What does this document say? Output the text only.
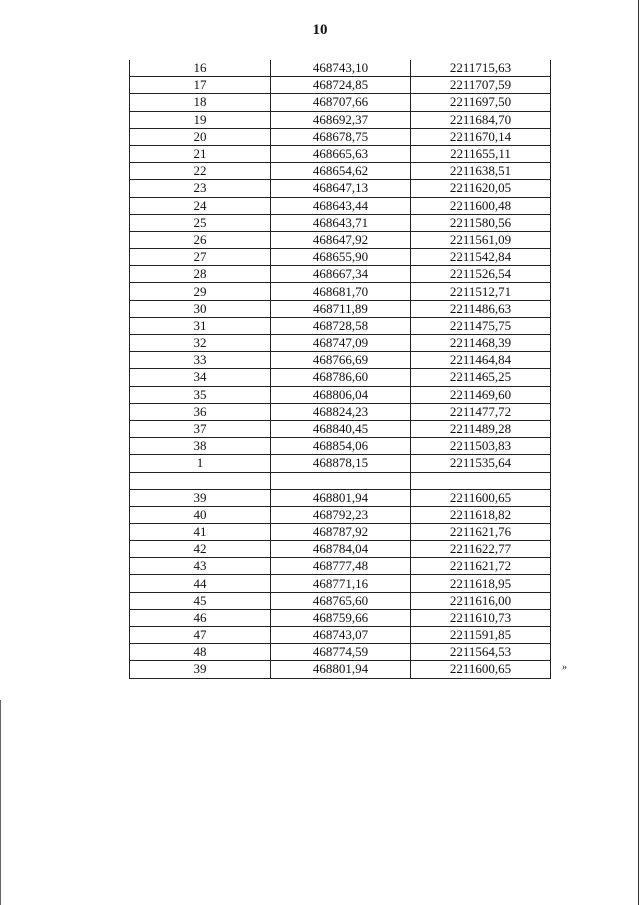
10
16	468743,10	2211715,63
17	468724,85	2211707,59
18	468707,66	2211697,50
19	468692,37	2211684,70
20	468678,75	2211670,14
21	468665,63	2211655,11
22	468654,62	2211638,51
23	468647,13	2211620,05
24	468643,44	2211600,48
25	468643,71	2211580,56
26	468647,92	2211561,09
27	468655,90	2211542,84
28	468667,34	2211526,54
29	468681,70	2211512,71
30	468711,89	2211486,63
31	468728,58	2211475,75
32	468747,09	2211468,39
33	468766,69	2211464,84
34	468786,60	2211465,25
35	468806,04	2211469,60
36	468824,23	2211477,72
37	468840,45	2211489,28
38	468854,06	2211503,83
1	468878,15	2211535,64

39	468801,94	2211600,65
40	468792,23	2211618,82
41	468787,92	2211621,76
42	468784,04	2211622,77
43	468777,48	2211621,72
44	468771,16	2211618,95
45	468765,60	2211616,00
46	468759,66	2211610,73
47	468743,07	2211591,85
48	468774,59	2211564,53
39	468801,94	2211600,65	»
